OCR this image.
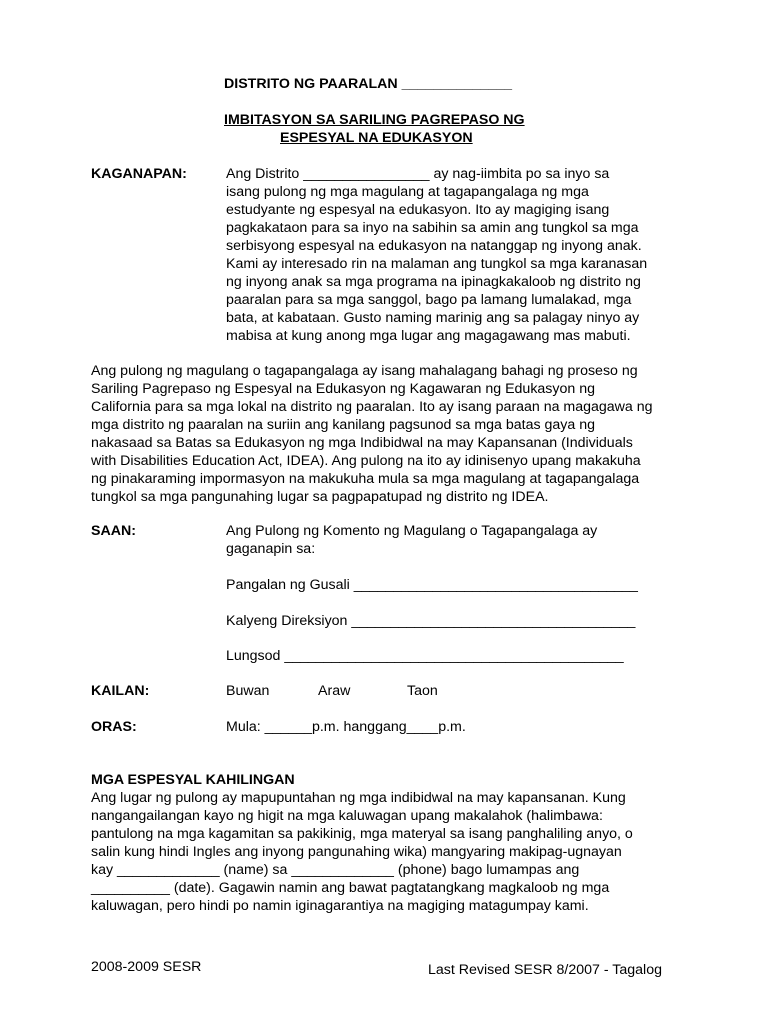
DISTRITO NG PAARALAN ______________
IMBITASYON SA SARILING PAGREPASO NG
ESPESYAL NA EDUKASYON
KAGANAPAN:	Ang Distrito ________________ ay nag-iimbita po sa inyo sa

isang pulong ng mga magulang at tagapangalaga ng mga

estudyante ng espesyal na edukasyon. Ito ay magiging isang

pagkakataon para sa inyo na sabihin sa amin ang tungkol sa mga

serbisyong espesyal na edukasyon na natanggap ng inyong anak.

Kami ay interesado rin na malaman ang tungkol sa mga karanasan

ng inyong anak sa mga programa na ipinagkakaloob ng distrito ng

paaralan para sa mga sanggol, bago pa lamang lumalakad, mga

bata, at kabataan. Gusto naming marinig ang sa palagay ninyo ay

mabisa at kung anong mga lugar ang magagawang mas mabuti.

Ang pulong ng magulang o tagapangalaga ay isang mahalagang bahagi ng proseso ng

Sariling Pagrepaso ng Espesyal na Edukasyon ng Kagawaran ng Edukasyon ng

California para sa mga lokal na distrito ng paaralan. Ito ay isang paraan na magagawa ng

mga distrito ng paaralan na suriin ang kanilang pagsunod sa mga batas gaya ng

nakasaad sa Batas sa Edukasyon ng mga Indibidwal na may Kapansanan (Individuals

with Disabilities Education Act, IDEA). Ang pulong na ito ay idinisenyo upang makakuha

ng pinakaraming impormasyon na makukuha mula sa mga magulang at tagapangalaga

tungkol sa mga pangunahing lugar sa pagpapatupad ng distrito ng IDEA.

SAAN:	Ang Pulong ng Komento ng Magulang o Tagapangalaga ay
gaganapin sa:
Pangalan ng Gusali ____________________________________
Kalyeng Direksiyon ____________________________________
Lungsod ___________________________________________
KAILAN:	Buwan	Araw	Taon
ORAS:	Mula: ______p.m. hanggang____p.m.
MGA ESPESYAL KAHILINGAN

Ang lugar ng pulong ay mapupuntahan ng mga indibidwal na may kapansanan. Kung

nangangailangan kayo ng higit na mga kaluwagan upang makalahok (halimbawa:

pantulong na mga kagamitan sa pakikinig, mga materyal sa isang panghaliling anyo, o

salin kung hindi Ingles ang inyong pangunahing wika) mangyaring makipag-ugnayan

kay _____________ (name) sa _____________ (phone) bago lumampas ang

__________ (date). Gagawin namin ang bawat pagtatangkang magkaloob ng mga

kaluwagan, pero hindi po namin iginagarantiya na magiging matagumpay kami.

2008-2009 SESR	Last Revised SESR 8/2007 - Tagalog
